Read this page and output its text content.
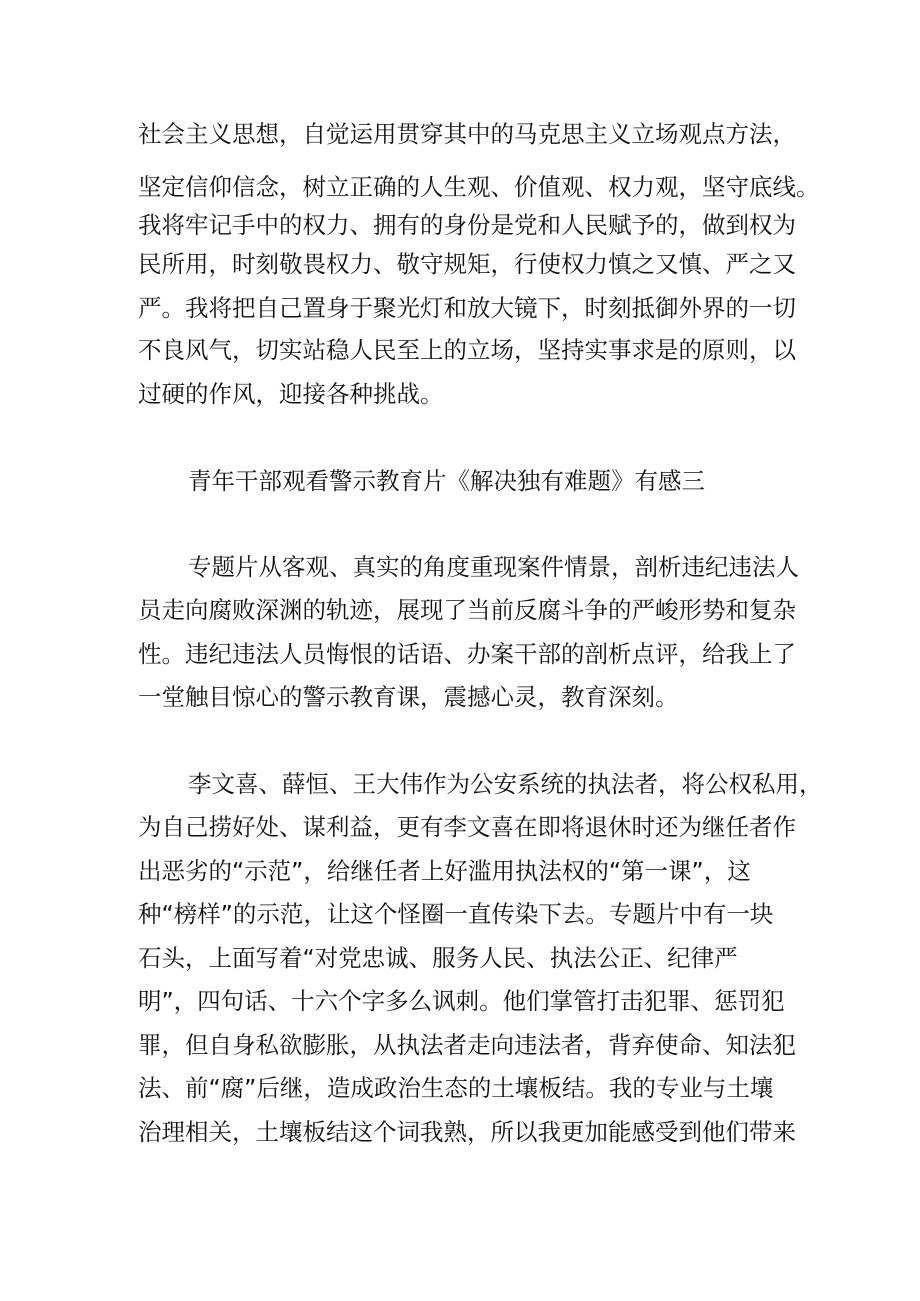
社会主义思想，自觉运用贯穿其中的马克思主义立场观点方法，
坚定信仰信念，树立正确的人生观、价值观、权力观，坚守底线。
我将牢记手中的权力、拥有的身份是党和人民赋予的，做到权为
民所用，时刻敬畏权力、敬守规矩，行使权力慎之又慎、严之又
严。我将把自己置身于聚光灯和放大镜下，时刻抵御外界的一切
不良风气，切实站稳人民至上的立场，坚持实事求是的原则，以
过硬的作风，迎接各种挑战。
青年干部观看警示教育片《解决独有难题》有感三
专题片从客观、真实的角度重现案件情景，剖析违纪违法人
员走向腐败深渊的轨迹，展现了当前反腐斗争的严峻形势和复杂
性。违纪违法人员悔恨的话语、办案干部的剖析点评，给我上了
一堂触目惊心的警示教育课，震撼心灵，教育深刻。
李文喜、薛恒、王大伟作为公安系统的执法者，将公权私用，
为自己捞好处、谋利益，更有李文喜在即将退休时还为继任者作
出恶劣的“示范”，给继任者上好滥用执法权的“第一课”，这
种“榜样”的示范，让这个怪圈一直传染下去。专题片中有一块
石头，上面写着“对党忠诚、服务人民、执法公正、纪律严
明”，四句话、十六个字多么讽刺。他们掌管打击犯罪、惩罚犯
罪，但自身私欲膨胀，从执法者走向违法者，背弃使命、知法犯
法、前“腐”后继，造成政治生态的土壤板结。我的专业与土壤
治理相关，土壤板结这个词我熟，所以我更加能感受到他们带来
